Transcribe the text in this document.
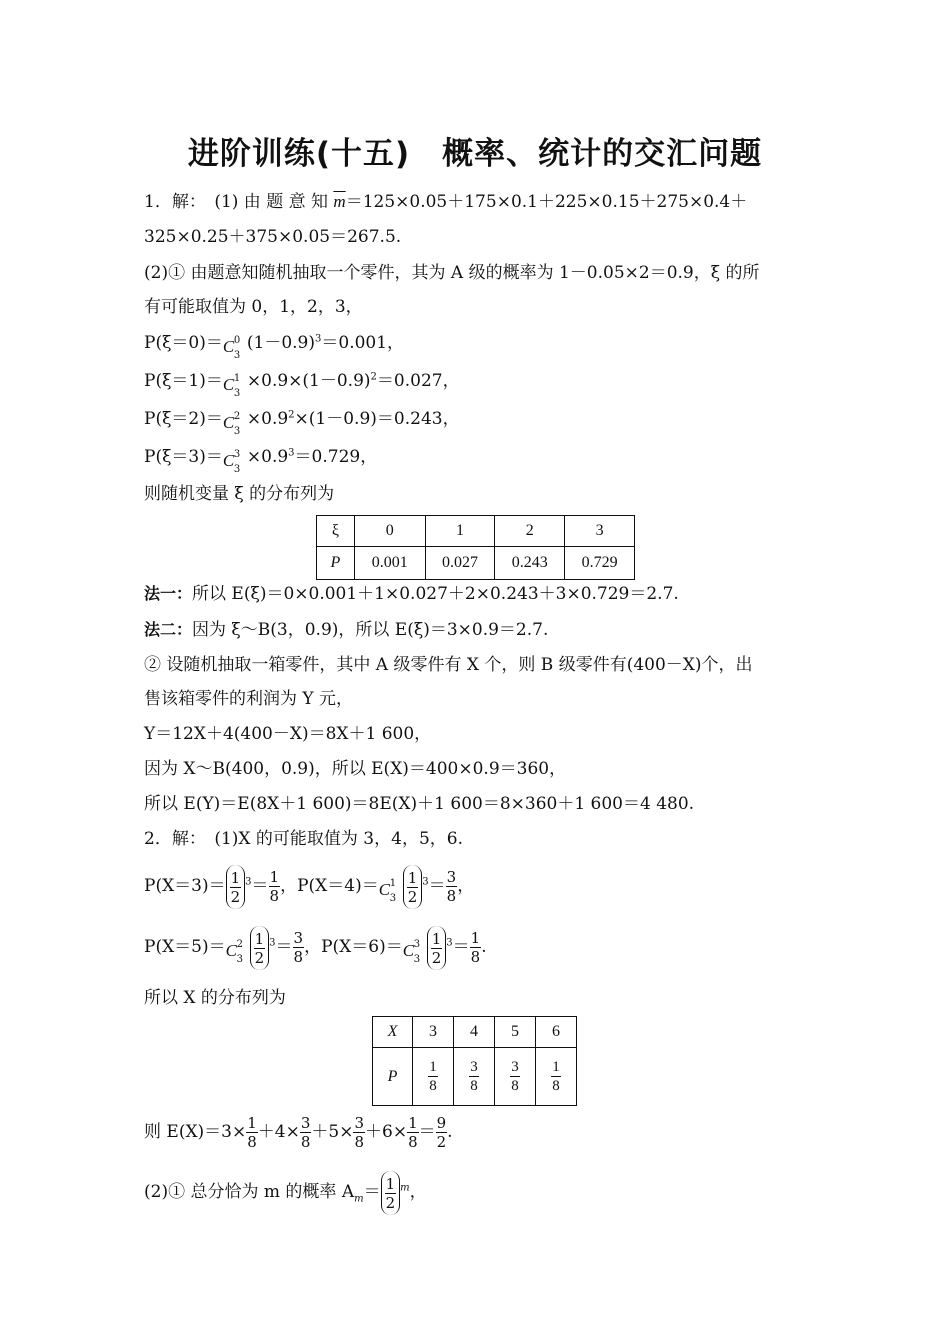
进阶训练(十五)　概率、统计的交汇问题
1．解：　(1) 由 题 意 知 $\overline{m}=125\times 0.05+175\times 0.1+225\times 0.15+275\times 0.4+$
325×0.25＋375×0.05＝267.5.
(2)① 由题意知随机抽取一个零件，其为 A 级的概率为 1－0.05×2＝0.9，ξ 的所
有可能取值为 0，1，2，3，
P(ξ＝0)＝C 0
3
$(1-0.9)^3=0.001$，
P(ξ＝1)＝C 1
3
$\times 0.9\times(1-0.9)^2=0.027$，
P(ξ＝2)＝C 2
3
$\times 0.9^2\times(1-0.9)=0.243$，
P(ξ＝3)＝C 3
3
$\times 0.9^3=0.729$，
则随机变量 ξ 的分布列为
ξ	0	1	2	3
P	0.001	0.027	0.243	0.729
法一：所以 E(ξ)＝0×0.001＋1×0.027＋2×0.243＋3×0.729＝2.7.
法二：因为 ξ～B(3，0.9)，所以 E(ξ)＝3×0.9＝2.7.
② 设随机抽取一箱零件，其中 A 级零件有 X 个，则 B 级零件有(400－X)个，出
售该箱零件的利润为 Y 元，
Y＝12X＋4(400－X)＝8X＋1 600，
因为 X～B(400，0.9)，所以 E(X)＝400×0.9＝360，
所以 E(Y)＝E(8X＋1 600)＝8E(X)＋1 600＝8×360＋1 600＝4 480.
2．解：　(1)X 的可能取值为 3，4，5，6.
$P(X=3)= \frac{1}{2} ^3= \frac{1}{8}$ ，P(X＝4)＝C 1
$3 \frac{1}{2} ^3= \frac{3}{8}$ ，
P(X＝5)＝C 2
$3 \frac{1}{2} ^3= \frac{3}{8}$ ，P(X＝6)＝C 3
$3 \frac{1}{2} ^3= \frac{1}{8}$ .
所以 X 的分布列为
X	3	4	5	6
P	$\frac{1}{8}$	$\frac{3}{8}$	$\frac{3}{8}$	$\frac{1}{8}$
则 $E(X)=3\times \frac{1}{8} +4\times \frac{3}{8} +5\times \frac{3}{8} +6\times \frac{1}{8} = \frac{9}{2}$ .
(2)① 总分恰为 m 的概率 $A_m= \frac{1}{2} ^m$，
